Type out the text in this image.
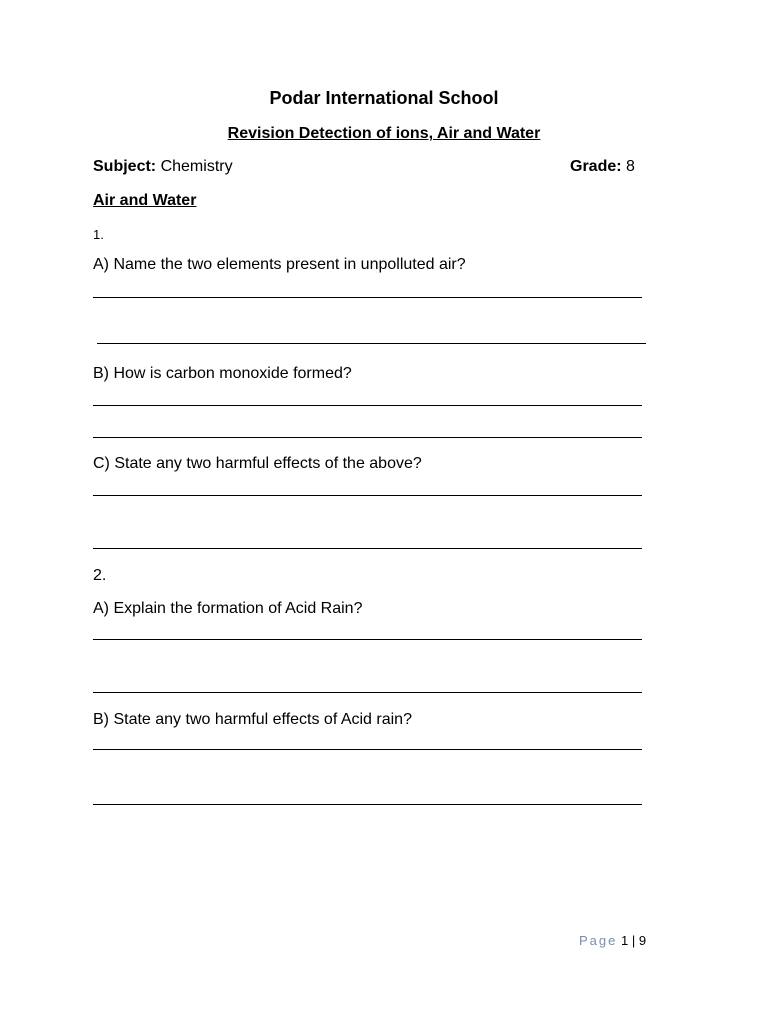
Podar International School
Revision Detection of ions, Air and Water
Subject: Chemistry	Grade: 8
Air and Water
1.
A) Name the two elements present in unpolluted air?
B) How is carbon monoxide formed?
C) State any two harmful effects of the above?
2.
A) Explain the formation of Acid Rain?
B) State any two harmful effects of Acid rain?
Page 1 | 9
